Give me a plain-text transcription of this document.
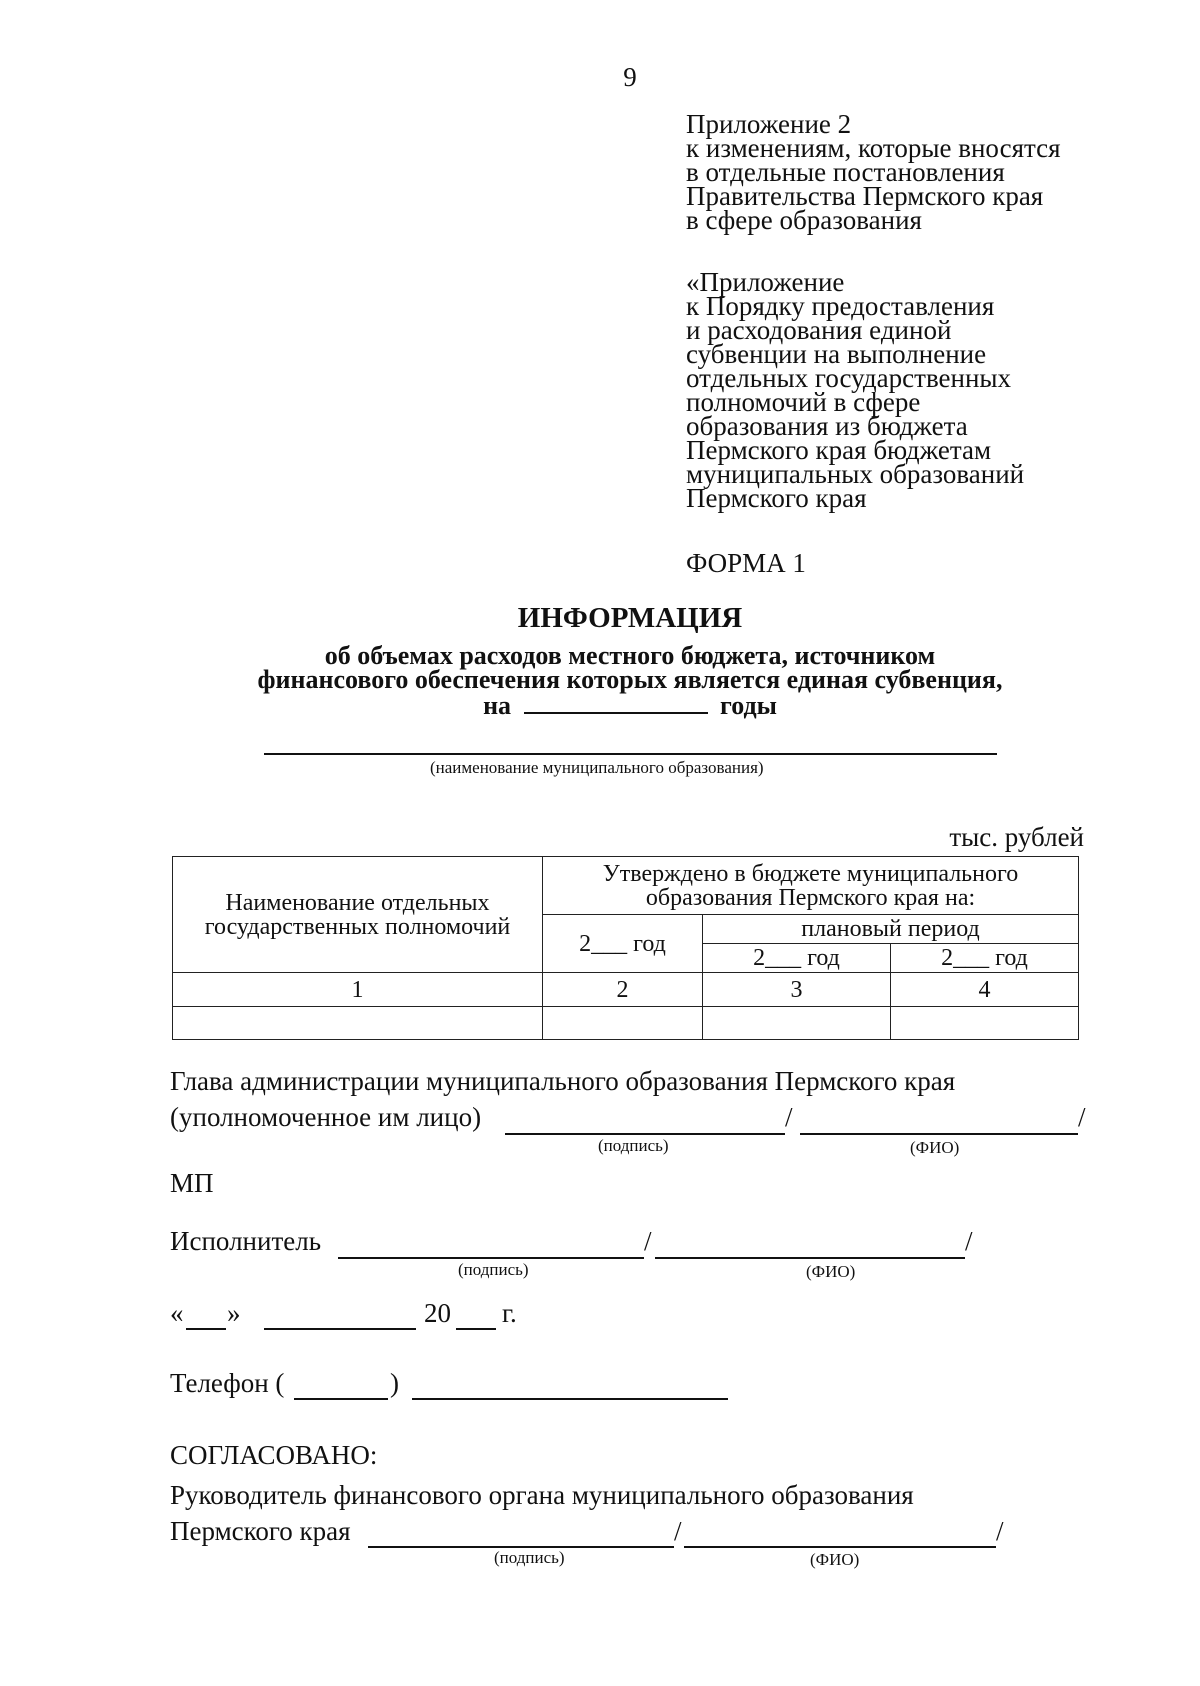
9
Приложение 2
к изменениям, которые вносятся
в отдельные постановления
Правительства Пермского края
в сфере образования
«Приложение
к Порядку предоставления
и расходования единой
субвенции на выполнение
отдельных государственных
полномочий в сфере
образования из бюджета
Пермского края бюджетам
муниципальных образований
Пермского края
ФОРМА 1
ИНФОРМАЦИЯ
об объемах расходов местного бюджета, источником
финансового обеспечения которых является единая субвенция,
на	годы
(наименование муниципального образования)
тыс. рублей
Наименование отдельных государственных полномочий	Утверждено в бюджете муниципального образования Пермского края на:		
	2___ год	плановый период	
		2___ год	2___ год
1	2	3	4

Глава администрации муниципального образования Пермского края
(уполномоченное им лицо)	/	/
(подпись)	(ФИО)
МП
Исполнитель	/	/
(подпись)	(ФИО)
« »	20 г.
Телефон (	)
СОГЛАСОВАНО:
Руководитель финансового органа муниципального образования
Пермского края	/	/
(подпись)	(ФИО)
